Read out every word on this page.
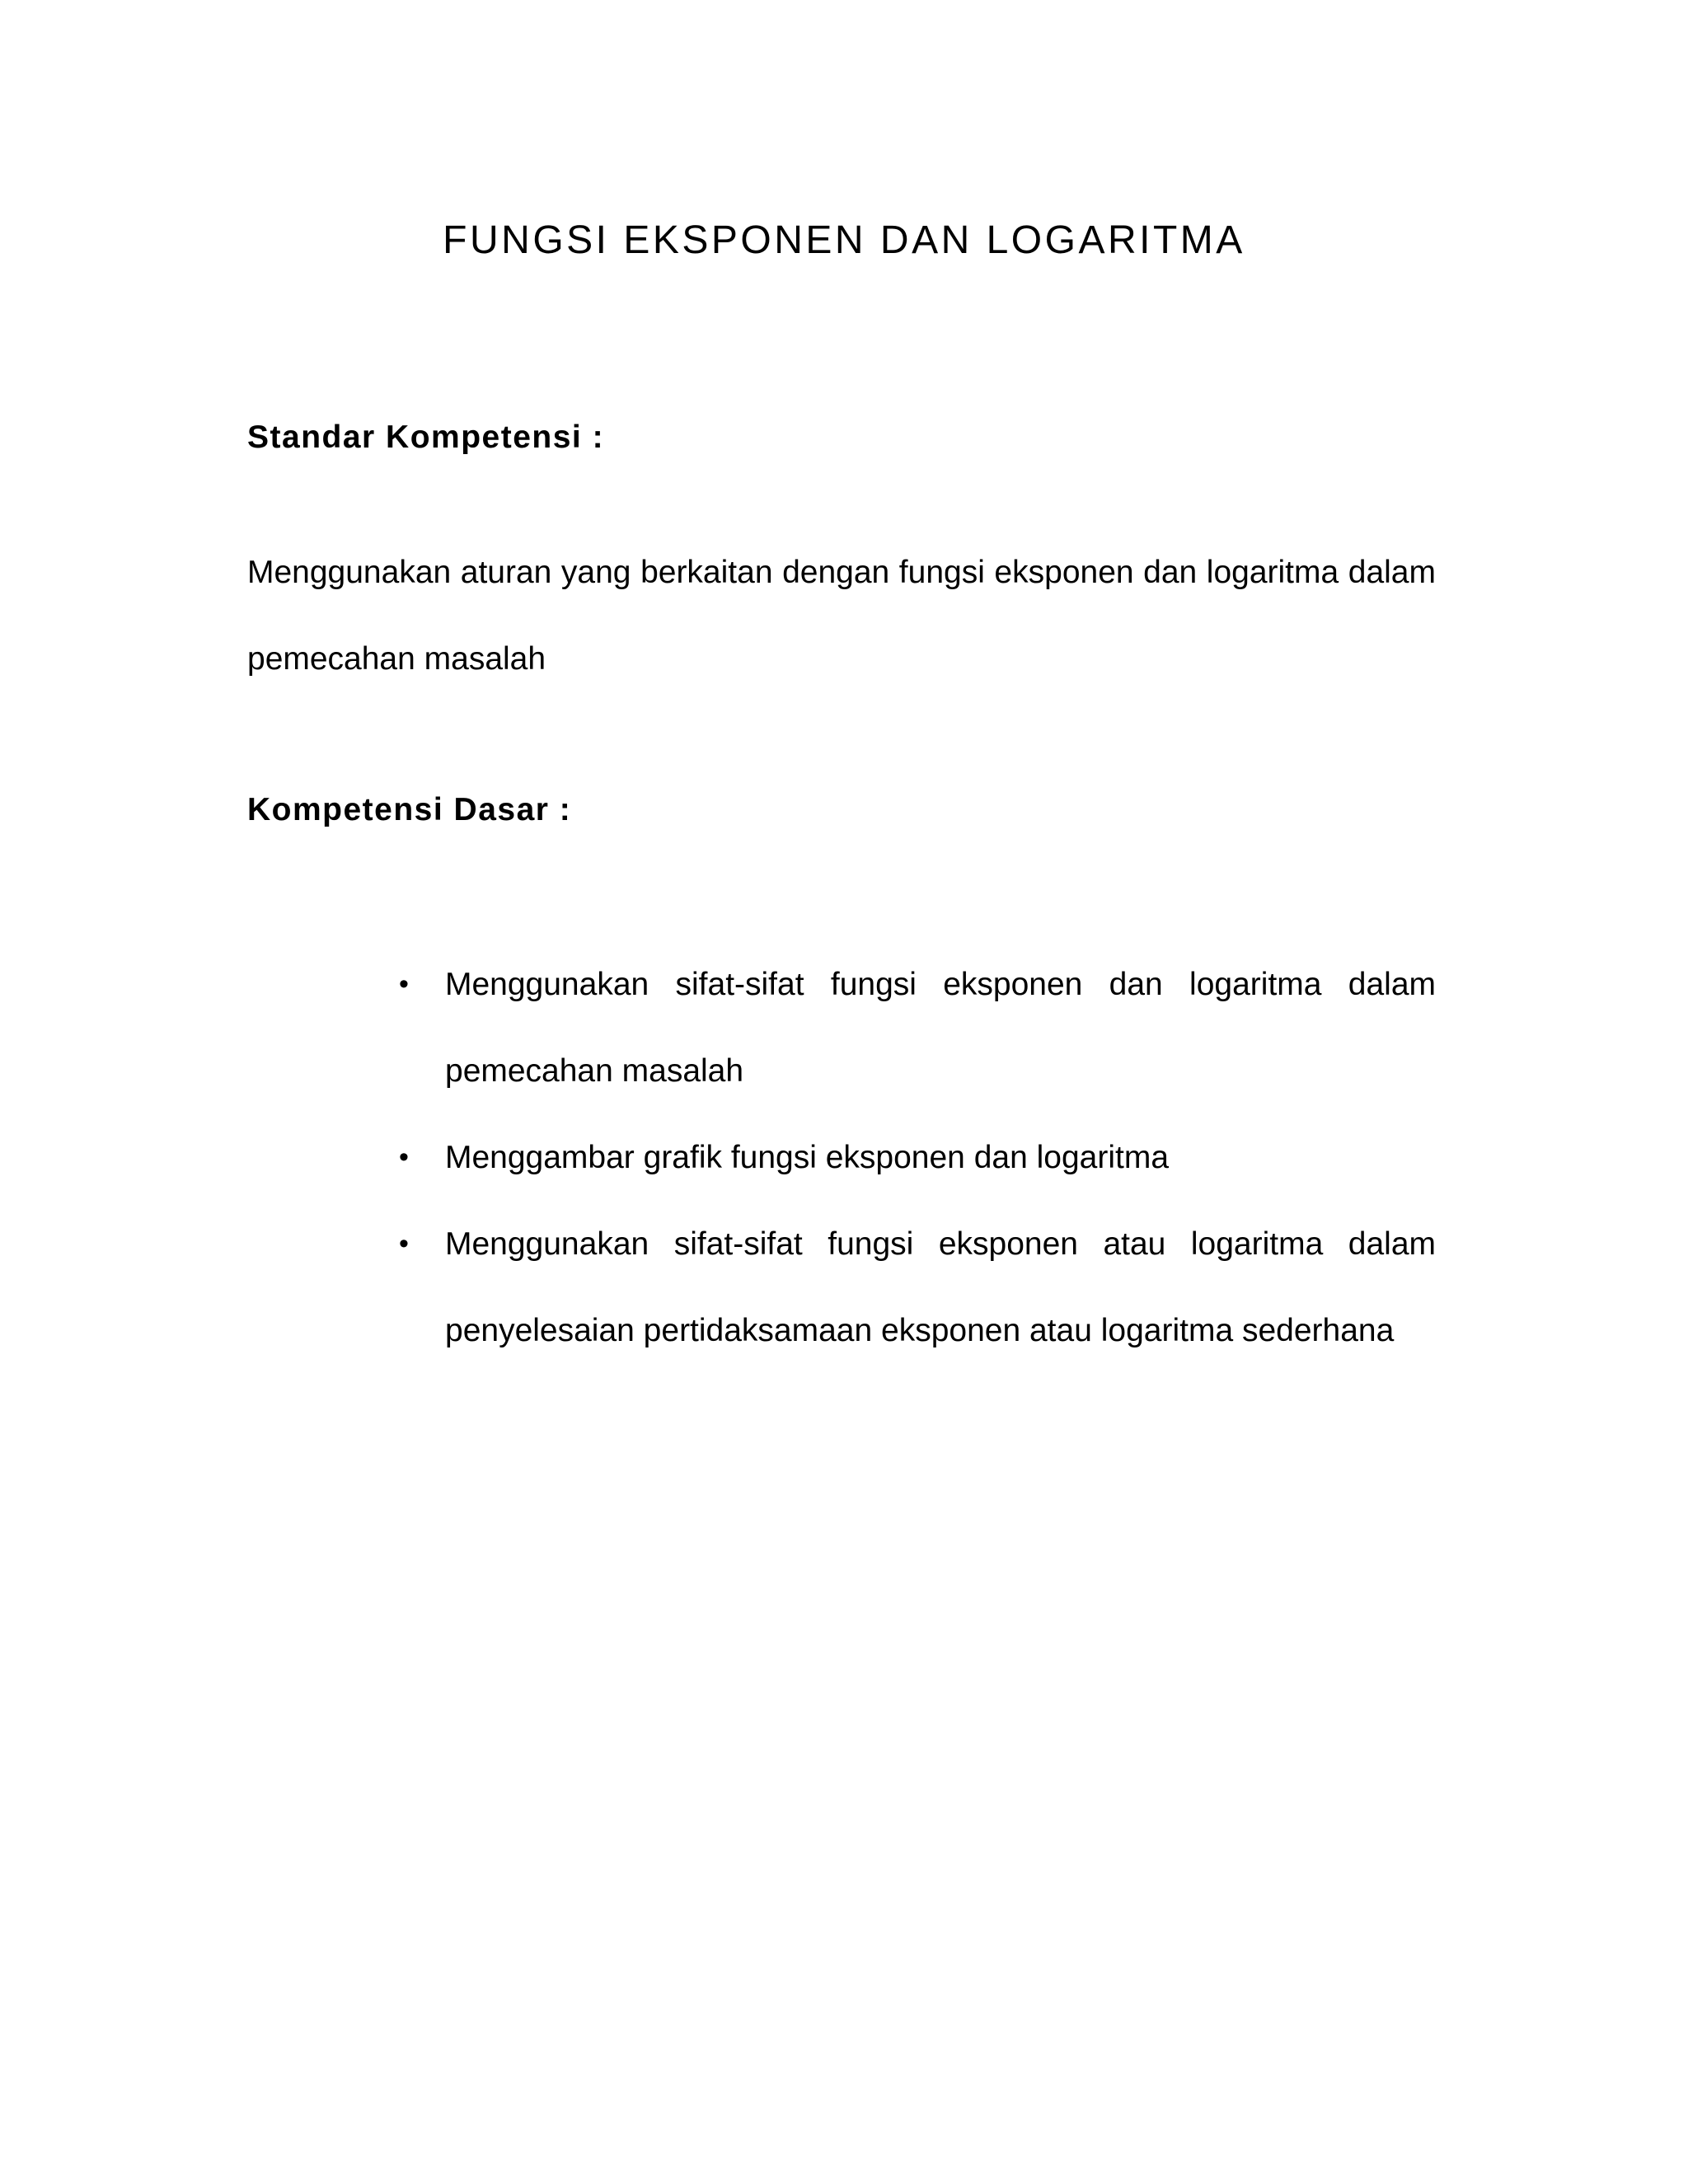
FUNGSI EKSPONEN DAN LOGARITMA
Standar Kompetensi :

Menggunakan aturan yang berkaitan dengan fungsi eksponen dan logaritma dalam pemecahan masalah

Kompetensi Dasar :
• Menggunakan sifat-sifat fungsi eksponen dan logaritma dalam pemecahan masalah
• Menggambar grafik fungsi eksponen dan logaritma
• Menggunakan sifat-sifat fungsi eksponen atau logaritma dalam penyelesaian pertidaksamaan eksponen atau logaritma sederhana
